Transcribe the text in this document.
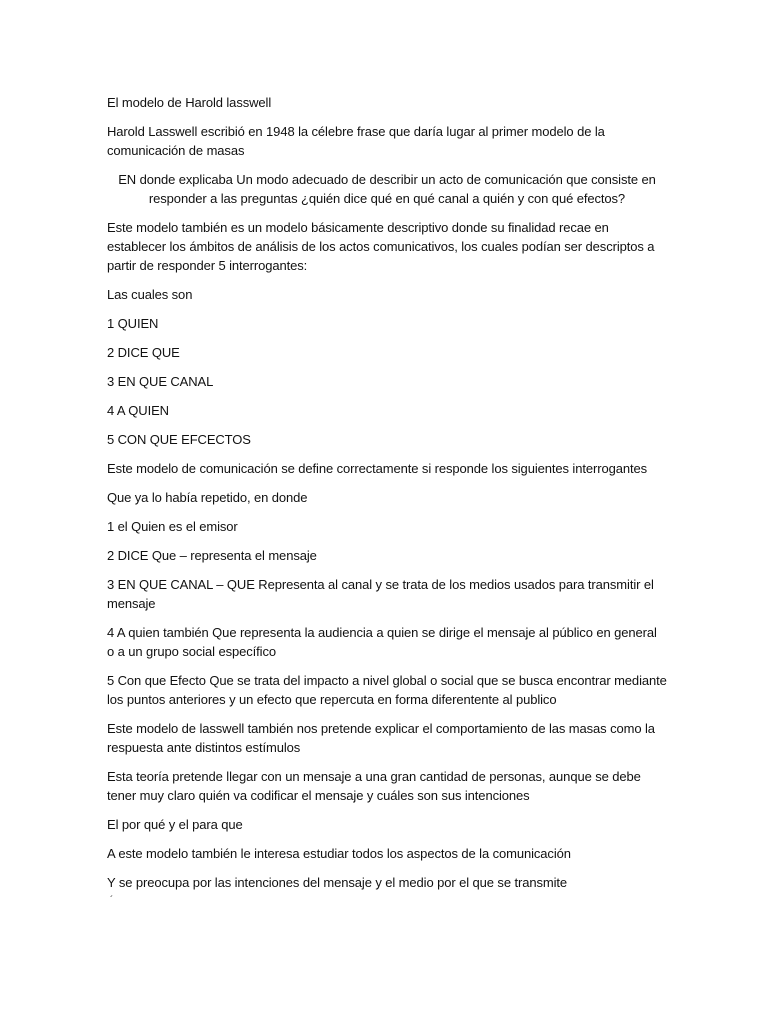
El modelo de Harold lasswell

Harold Lasswell escribió en 1948 la célebre frase que daría lugar al primer modelo de la comunicación de masas

EN donde explicaba Un modo adecuado de describir un acto de comunicación que consiste en responder a las preguntas ¿quién dice qué en qué canal a quién y con qué efectos?

Este modelo también es un modelo básicamente descriptivo donde su finalidad recae en establecer los ámbitos de análisis de los actos comunicativos, los cuales podían ser descriptos a partir de responder 5 interrogantes:

Las cuales son

1 QUIEN

2 DICE QUE

3 EN QUE CANAL

4 A QUIEN

5 CON QUE EFCECTOS

Este modelo de comunicación se define correctamente si responde los siguientes interrogantes

Que ya lo había repetido, en donde

1 el Quien es el emisor

2 DICE Que – representa el mensaje

3 EN QUE CANAL – QUE Representa al canal y se trata de los medios usados para transmitir el mensaje

4 A quien también Que representa la audiencia a quien se dirige el mensaje al público en general o a un grupo social específico

5 Con que Efecto Que se trata del impacto a nivel global o social que se busca encontrar mediante los puntos anteriores y un efecto que repercuta en forma diferentente al publico

Este modelo de lasswell también nos pretende explicar el comportamiento de las masas como la respuesta ante distintos estímulos

Esta teoría pretende llegar con un mensaje a una gran cantidad de personas, aunque se debe tener muy claro quién va codificar el mensaje y cuáles son sus intenciones

El por qué y el para que

A este modelo también le interesa estudiar todos los aspectos de la comunicación

Y se preocupa por las intenciones del mensaje y el medio por el que se transmite

´
